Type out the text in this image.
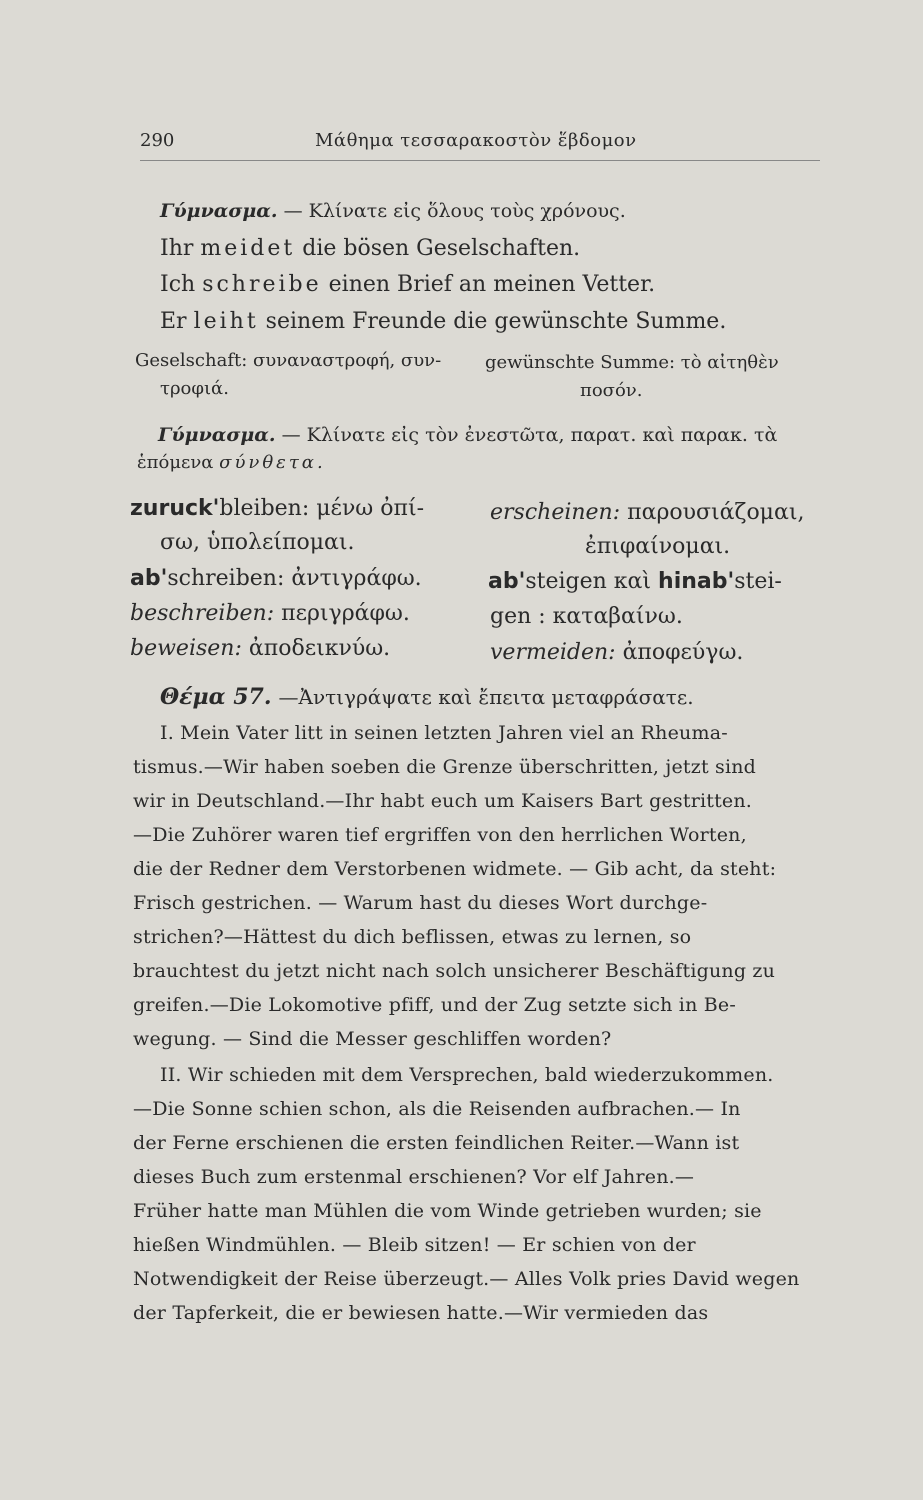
290	Μάθημα τεσσαρακοστὸν ἕβδομον
Γύμνασμα. — Κλίνατε εἰς ὅλους τοὺς χρόνους.
Ihr meidet die bösen Geselschaften.
Ich schreibe einen Brief an meinen Vetter.
Er leiht seinem Freunde die gewünschte Summe.
Geselschaft: συναναστροφή, συν-
τροφιά.
gewünschte Summe: τὸ αἰτηθὲν
ποσόν.
Γύμνασμα. — Κλίνατε εἰς τὸν ἐνεστῶτα, παρατ. καὶ παρακ. τὰ
ἑπόμενα σύνθετα.
zuruck'bleiben: μένω ὀπί-
σω, ὑπολείπομαι.
ab'schreiben: ἀντιγράφω.
beschreiben: περιγράφω.
beweisen: ἀποδεικνύω.
erscheinen: παρουσιάζομαι,
ἐπιφαίνομαι.
ab'steigen καὶ hinab'stei-
gen : καταβαίνω.
vermeiden: ἀποφεύγω.
Θέμα 57. —Ἀντιγράψατε καὶ ἔπειτα μεταφράσατε.
I. Mein Vater litt in seinen letzten Jahren viel an Rheuma-
tismus.—Wir haben soeben die Grenze überschritten, jetzt sind
wir in Deutschland.—Ihr habt euch um Kaisers Bart gestritten.
—Die Zuhörer waren tief ergriffen von den herrlichen Worten,
die der Redner dem Verstorbenen widmete. — Gib acht, da steht:
Frisch gestrichen. — Warum hast du dieses Wort durchge-
strichen?—Hättest du dich beflissen, etwas zu lernen, so
brauchtest du jetzt nicht nach solch unsicherer Beschäftigung zu
greifen.—Die Lokomotive pfiff, und der Zug setzte sich in Be-
wegung. — Sind die Messer geschliffen worden?
II. Wir schieden mit dem Versprechen, bald wiederzukommen.
—Die Sonne schien schon, als die Reisenden aufbrachen.— In
der Ferne erschienen die ersten feindlichen Reiter.—Wann ist
dieses Buch zum erstenmal erschienen? Vor elf Jahren.—
Früher hatte man Mühlen die vom Winde getrieben wurden; sie
hießen Windmühlen. — Bleib sitzen! — Er schien von der
Notwendigkeit der Reise überzeugt.— Alles Volk pries David wegen
der Tapferkeit, die er bewiesen hatte.—Wir vermieden das
